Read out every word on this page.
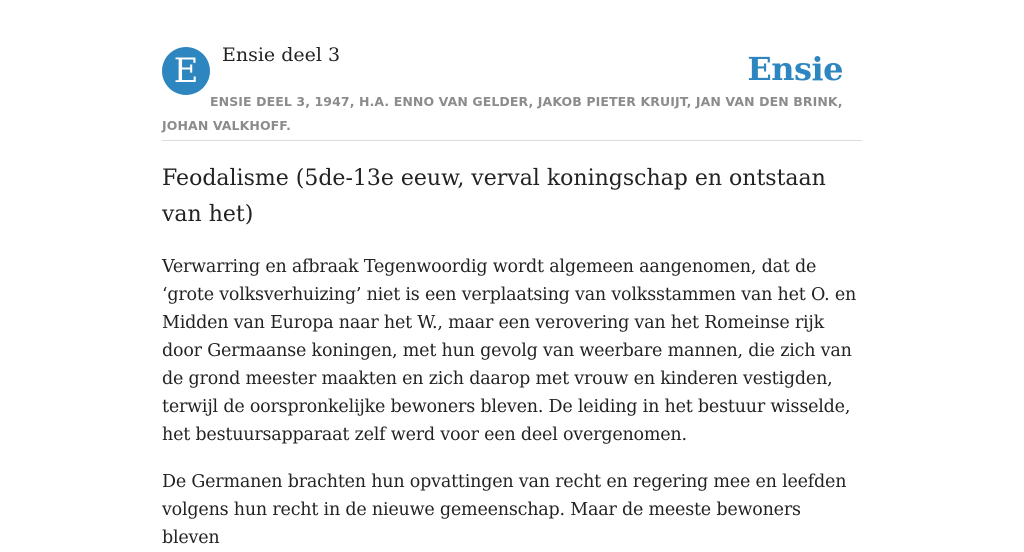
E	Ensie deel 3	Ensie
ENSIE DEEL 3, 1947, H.A. ENNO VAN GELDER, JAKOB PIETER KRUIJT, JAN VAN DEN BRINK, JOHAN VALKHOFF.
Feodalisme (5de-13e eeuw, verval koningschap en ontstaan van het)

Verwarring en afbraak Tegenwoordig wordt algemeen aangenomen, dat de ‘grote volksverhuizing’ niet is een verplaatsing van volksstammen van het O. en Midden van Europa naar het W., maar een verovering van het Romeinse rijk door Germaanse koningen, met hun gevolg van weerbare mannen, die zich van de grond meester maakten en zich daarop met vrouw en kinderen vestigden, terwijl de oorspronkelijke bewoners bleven. De leiding in het bestuur wisselde, het bestuursapparaat zelf werd voor een deel overgenomen.

De Germanen brachten hun opvattingen van recht en regering mee en leefden volgens hun recht in de nieuwe gemeenschap. Maar de meeste bewoners bleven
